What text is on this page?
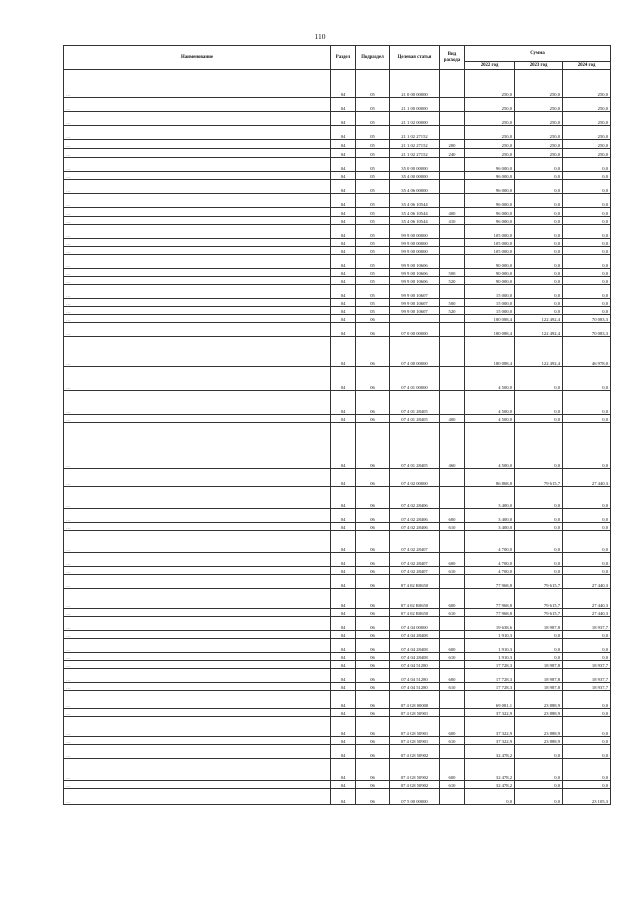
110
Наименование	Раздел	Подраздел	Целевая статья	Вид расхода	Сумма		
					2022 год	2023 год	2024 год
…	04	05	21 0 00 00000		250,0	250,0	250,0
…	04	05	21 1 00 00000		250,0	250,0	250,0
…	04	05	21 1 02 00000		250,0	250,0	250,0
…	04	05	21 1 02 27152		250,0	250,0	250,0
…	04	05	21 1 02 27152	200	250,0	250,0	250,0
…	04	05	21 1 02 27152	240	250,0	250,0	250,0
…	04	05	35 0 00 00000		96 000,0	0,0	0,0
…	04	05	35 4 00 00000		96 000,0	0,0	0,0
…	04	05	35 4 06 00000		96 000,0	0,0	0,0
…	04	05	35 4 06 10544		96 000,0	0,0	0,0
…	04	05	35 4 06 10544	400	96 000,0	0,0	0,0
…	04	05	35 4 06 10544	410	96 000,0	0,0	0,0
…	04	05	99 9 00 00000		105 000,0	0,0	0,0
…	04	05	99 9 00 00000		105 000,0	0,0	0,0
…	04	05	99 9 00 00000		105 000,0	0,0	0,0
…	04	05	99 9 00 10606		90 000,0	0,0	0,0
…	04	05	99 9 00 10606	500	90 000,0	0,0	0,0
…	04	05	99 9 00 10606	520	90 000,0	0,0	0,0
…	04	05	99 9 00 10607		15 000,0	0,0	0,0
…	04	05	99 9 00 10607	500	15 000,0	0,0	0,0
…	04	05	99 9 00 10607	520	15 000,0	0,0	0,0
…	04	06			180 088,4	122 492,4	70 083,3
…	04	06	07 0 00 00000		180 088,4	122 492,4	70 083,3
…	04	06	07 4 00 00000		180 088,4	122 492,4	46 978,0
…	04	06	07 4 01 00000		4 500,0	0,0	0,0
…	04	06	07 4 01 28405		4 500,0	0,0	0,0
…	04	06	07 4 01 28405	400	4 500,0	0,0	0,0
…	04	06	07 4 01 28405	460	4 500,0	0,0	0,0
…	04	06	07 4 02 00000		86 868,8	79 615,7	27 440,3
…	04	06	07 4 02 28406		3 400,0	0,0	0,0
…	04	06	07 4 02 28406	600	3 400,0	0,0	0,0
…	04	06	07 4 02 28406	610	3 400,0	0,0	0,0
…	04	06	07 4 02 28407		4 700,0	0,0	0,0
…	04	06	07 4 02 28407	600	4 700,0	0,0	0,0
…	04	06	07 4 02 28407	610	4 700,0	0,0	0,0
…	04	06	07 4 02 R0650		77 968,8	79 615,7	27 440,3
…	04	06	07 4 02 R0650	600	77 968,8	79 615,7	27 440,3
…	04	06	07 4 02 R0650	610	77 968,8	79 615,7	27 440,3
…	04	06	07 4 04 00000		19 638,6	18 987,8	18 937,7
…	04	06	07 4 04 28408		1 910,3	0,0	0,0
…	04	06	07 4 04 28408	600	1 910,3	0,0	0,0
…	04	06	07 4 04 28408	610	1 910,3	0,0	0,0
…	04	06	07 4 04 51280		17 728,3	18 987,8	18 937,7
…	04	06	07 4 04 51280	600	17 728,3	18 987,8	18 937,7
…	04	06	07 4 04 51280	610	17 728,3	18 987,8	18 937,7
…	04	06	07 4 G8 00000		69 081,1	23 888,9	0,0
…	04	06	07 4 G8 50901		37 322,9	23 888,9	0,0
…	04	06	07 4 G8 50901	600	37 322,9	23 888,9	0,0
…	04	06	07 4 G8 50901	610	37 322,9	23 888,9	0,0
…	04	06	07 4 G8 50902		32 478,2	0,0	0,0
…	04	06	07 4 G8 50902	600	32 478,2	0,0	0,0
…	04	06	07 4 G8 50902	610	32 478,2	0,0	0,0
…	04	06	07 5 00 00000		0,0	0,0	23 105,3
